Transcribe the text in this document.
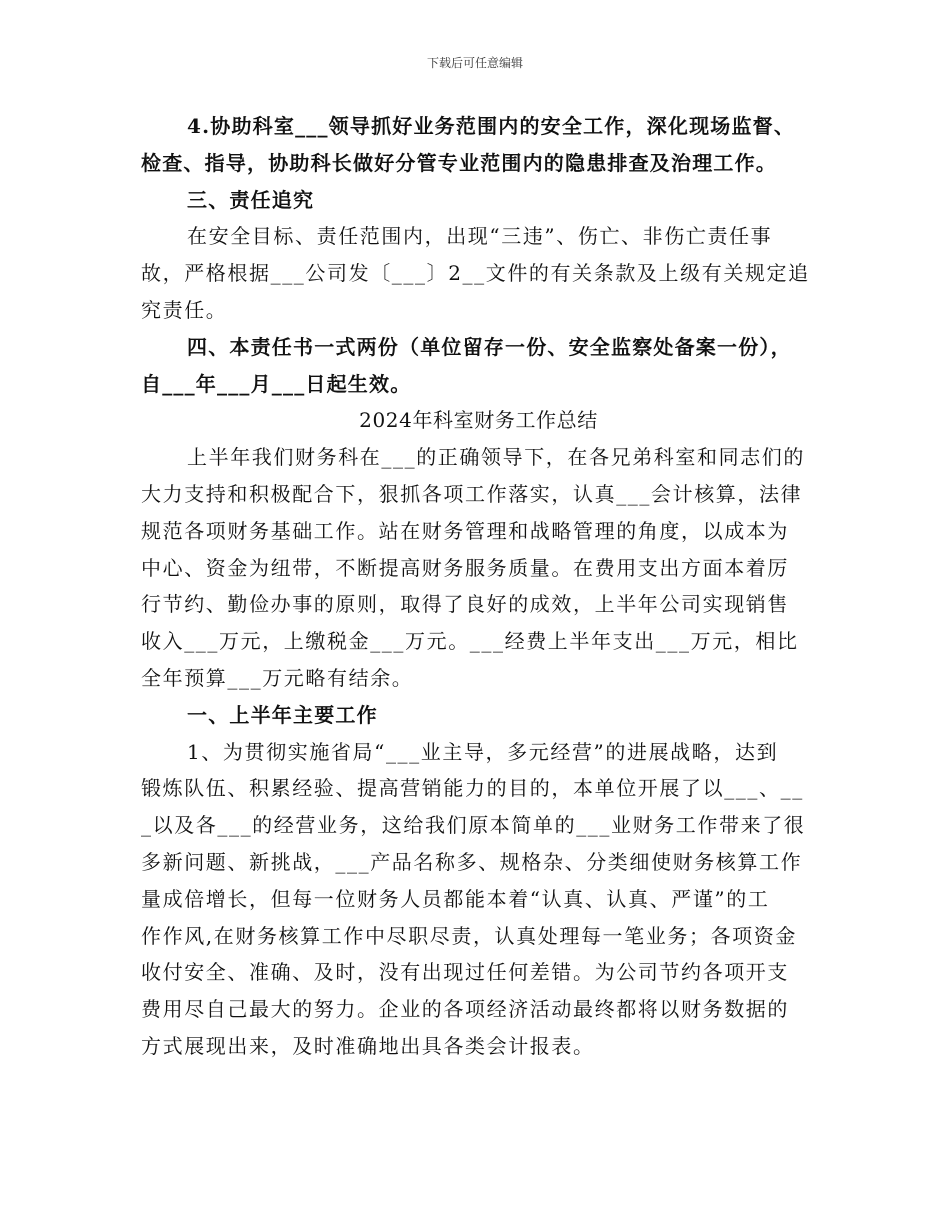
下载后可任意编辑
4.协助科室___领导抓好业务范围内的安全工作，深化现场监督、
检查、指导，协助科长做好分管专业范围内的隐患排查及治理工作。
三、责任追究
在安全目标、责任范围内，出现“三违”、伤亡、非伤亡责任事
故，严格根据___公司发〔___〕2__文件的有关条款及上级有关规定追
究责任。
四、本责任书一式两份（单位留存一份、安全监察处备案一份），
自___年___月___日起生效。
2024年科室财务工作总结
上半年我们财务科在___的正确领导下，在各兄弟科室和同志们的
大力支持和积极配合下，狠抓各项工作落实，认真___会计核算，法律
规范各项财务基础工作。站在财务管理和战略管理的角度，以成本为
中心、资金为纽带，不断提高财务服务质量。在费用支出方面本着厉
行节约、勤俭办事的原则，取得了良好的成效，上半年公司实现销售
收入___万元，上缴税金___万元。___经费上半年支出___万元，相比
全年预算___万元略有结余。
一、上半年主要工作
1、为贯彻实施省局“___业主导，多元经营”的进展战略，达到
锻炼队伍、积累经验、提高营销能力的目的，本单位开展了以___、__
_以及各___的经营业务，这给我们原本简单的___业财务工作带来了很
多新问题、新挑战，___产品名称多、规格杂、分类细使财务核算工作
量成倍增长，但每一位财务人员都能本着“认真、认真、严谨”的工
作作风,在财务核算工作中尽职尽责，认真处理每一笔业务；各项资金
收付安全、准确、及时，没有出现过任何差错。为公司节约各项开支
费用尽自己最大的努力。企业的各项经济活动最终都将以财务数据的
方式展现出来，及时准确地出具各类会计报表。
